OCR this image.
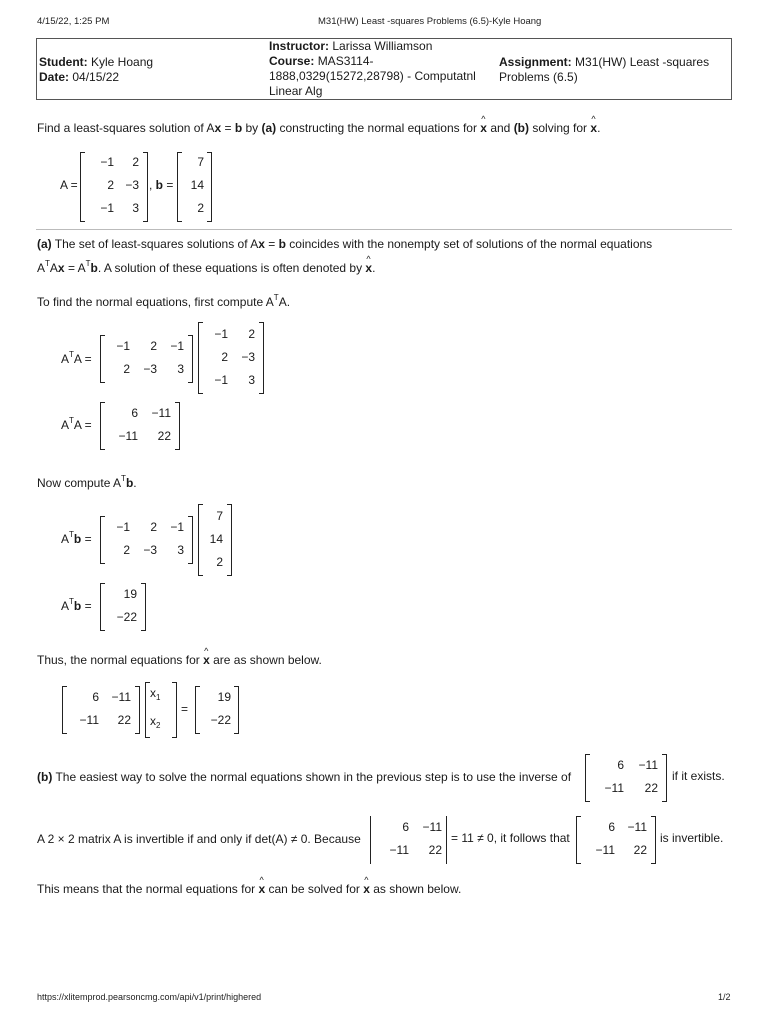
4/15/22, 1:25 PM	M31(HW) Least -squares Problems (6.5)-Kyle Hoang
Student: Kyle Hoang
Date: 04/15/22
Instructor: Larissa Williamson
Course: MAS3114-
1888,0329(15272,28798) - Computatnl
Linear Alg
Assignment: M31(HW) Least -squares
Problems (6.5)
Find a least-squares solution of Ax = b by (a) constructing the normal equations for ^ x and (b) solving for ^ x.
A =
−1	2
2 −3
−1	3
, b =
7
14
2
(a) The set of least-squares solutions of Ax = b coincides with the nonempty set of solutions of the normal equations
$A^TAx = A^Tb$. A solution of these equations is often denoted by ^ x.
To find the normal equations, first compute $A^TA$.
$A^TA$ =
−1	2	−1
2	−3	3
−1	2
2	−3
−1	3
$A^TA$ =
6	−11
−11	22
Now compute $A^Tb$.
$A^Tb$ =
−1	2	−1
2	−3	3
7
14
2
$A^Tb$ =
19
−22
Thus, the normal equations for ^ x are as shown below.
6	−11
−11	22
$x_1$
$x_2$
=
19
−22
(b) The easiest way to solve the normal equations shown in the previous step is to use the inverse of
6	−11
−11	22
if it exists.
A 2 × 2 matrix A is invertible if and only if det(A) ≠ 0. Because
6	−11
−11	22
= 11 ≠ 0, it follows that
6	−11
−11	22
is invertible.
This means that the normal equations for ^ x can be solved for ^ x as shown below.
https://xlitemprod.pearsoncmg.com/api/v1/print/highered	1/2
